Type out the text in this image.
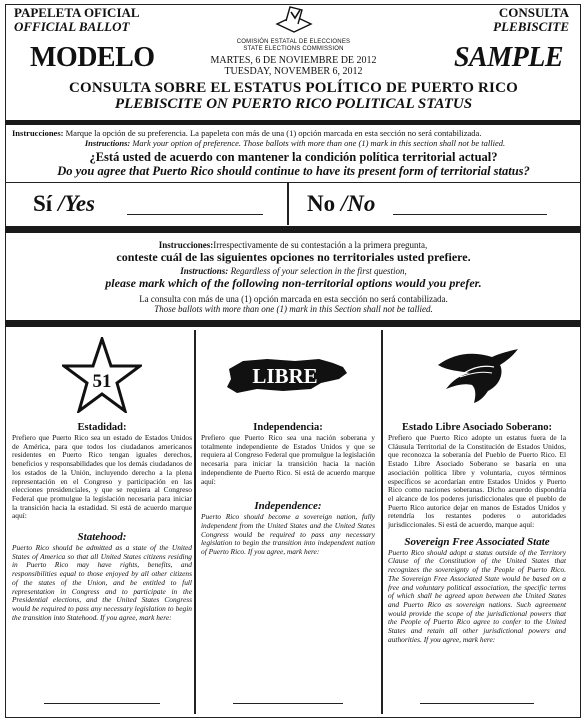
PAPELETA OFICIAL
OFFICIAL BALLOT
CONSULTA
PLEBISCITE
MODELO	SAMPLE
COMISIÓN ESTATAL DE ELECCIONES
STATE ELECTIONS COMMISSION
MARTES, 6 DE NOVIEMBRE DE 2012
TUESDAY, NOVEMBER 6, 2012
CONSULTA SOBRE EL ESTATUS POLÍTICO DE PUERTO RICO
PLEBISCITE ON PUERTO RICO POLITICAL STATUS
Instrucciones: Marque la opción de su preferencia. La papeleta con más de una (1) opción marcada en esta sección no será contabilizada.
Instructions: Mark your option of preference. Those ballots with more than one (1) mark in this section shall not be tallied.
¿Está usted de acuerdo con mantener la condición política territorial actual?
Do you agree that Puerto Rico should continue to have its present form of territorial status?
Sí /Yes	No /No
Instrucciones:Irrespectivamente de su contestación a la primera pregunta,
conteste cuál de las siguientes opciones no territoriales usted prefiere.
Instructions: Regardless of your selection in the first question,
please mark which of the following non-territorial options would you prefer.
La consulta con más de una (1) opción marcada en esta sección no será contabilizada.
Those ballots with more than one (1) mark in this Section shall not be tallied.
51
Estadidad:
Prefiero que Puerto Rico sea un estado de Estados Unidos de América, para que todos los ciudadanos americanos residentes en Puerto Rico tengan iguales derechos, beneficios y responsabilidades que los demás ciudadanos de los estados de la Unión, incluyendo derecho a la plena representación en el Congreso y participación en las elecciones presidenciales, y que se requiera al Congreso Federal que promulgue la legislación necesaria para iniciar la transición hacia la estadidad. Si está de acuerdo marque aquí:
Statehood:
Puerto Rico should be admitted as a state of the United States of America so that all United States citizens residing in Puerto Rico may have rights, benefits, and responsibilities equal to those enjoyed by all other citizens of the states of the Union, and be entitled to full representation in Congress and to participate in the Presidential elections, and the United States Congress would be required to pass any necessary legislation to begin the transition into Statehood. If you agree, mark here:
LIBRE
Independencia:
Prefiero que Puerto Rico sea una nación soberana y totalmente independiente de Estados Unidos y que se requiera al Congreso Federal que promulgue la legislación necesaria para iniciar la transición hacia la nación independiente de Puerto Rico. Si está de acuerdo marque aquí:
Independence:
Puerto Rico should become a sovereign nation, fully independent from the United States and the United States Congress would be required to pass any necessary legislation to begin the transition into independent nation of Puerto Rico. If you agree, mark here:
Estado Libre Asociado Soberano:
Prefiero que Puerto Rico adopte un estatus fuera de la Cláusula Territorial de la Constitución de Estados Unidos, que reconozca la soberanía del Pueblo de Puerto Rico. El Estado Libre Asociado Soberano se basaría en una asociación política libre y voluntaria, cuyos términos específicos se acordarían entre Estados Unidos y Puerto Rico como naciones soberanas. Dicho acuerdo dispondría el alcance de los poderes jurisdiccionales que el pueblo de Puerto Rico autorice dejar en manos de Estados Unidos y retendría los restantes poderes o autoridades jurisdiccionales. Si está de acuerdo, marque aquí:
Sovereign Free Associated State
Puerto Rico should adopt a status outside of the Territory Clause of the Constitution of the United States that recognizes the sovereignty of the People of Puerto Rico. The Sovereign Free Associated State would be based on a free and voluntary political association, the specific terms of which shall be agreed upon between the United States and Puerto Rico as sovereign nations. Such agreement would provide the scope of the jurisdictional powers that the People of Puerto Rico agree to confer to the United States and retain all other jurisdictional powers and authorities. If you agree, mark here:
